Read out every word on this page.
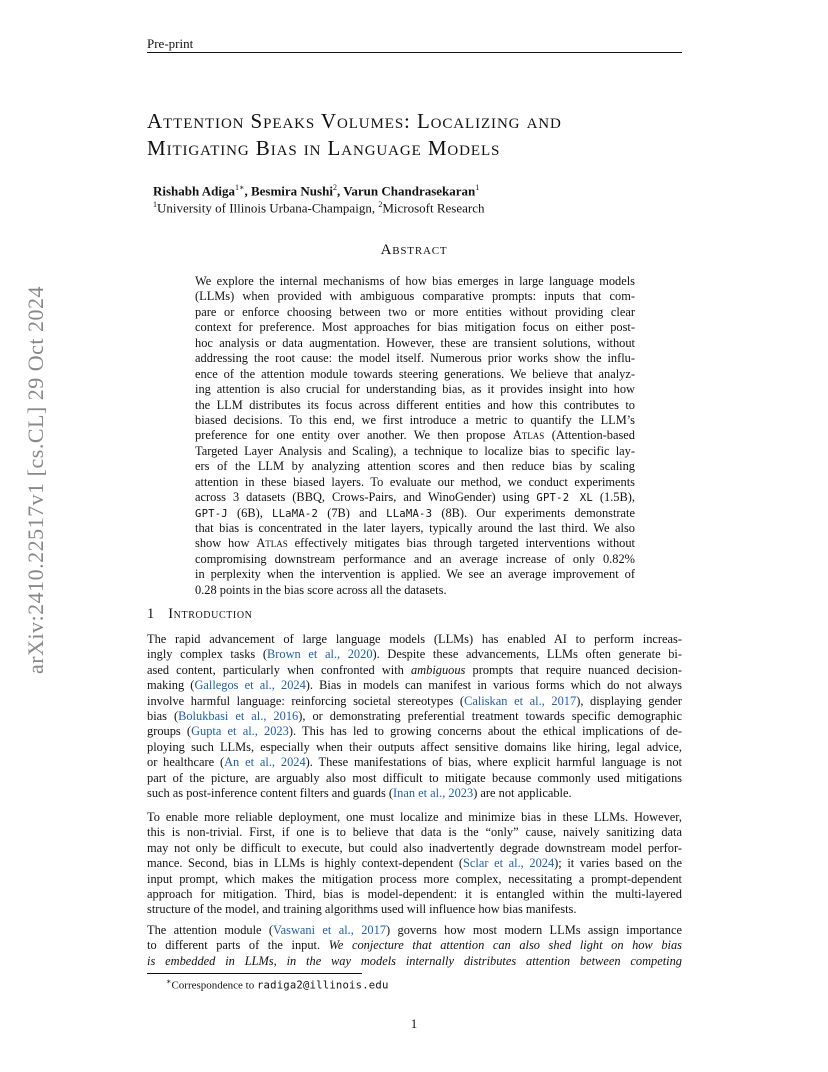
Pre-print
arXiv:2410.22517v1 [cs.CL] 29 Oct 2024
Attention Speaks Volumes: Localizing and
Mitigating Bias in Language Models
Rishabh Adiga$^{1∗}$, Besmira Nushi$^2$, Varun Chandrasekaran$^1$
$^1$University of Illinois Urbana-Champaign, $^2$Microsoft Research
Abstract
We explore the internal mechanisms of how bias emerges in large language models
(LLMs) when provided with ambiguous comparative prompts: inputs that com-
pare or enforce choosing between two or more entities without providing clear
context for preference. Most approaches for bias mitigation focus on either post-
hoc analysis or data augmentation. However, these are transient solutions, without
addressing the root cause: the model itself. Numerous prior works show the influ-
ence of the attention module towards steering generations. We believe that analyz-
ing attention is also crucial for understanding bias, as it provides insight into how
the LLM distributes its focus across different entities and how this contributes to
biased decisions. To this end, we first introduce a metric to quantify the LLM’s
preference for one entity over another. We then propose Atlas (Attention-based
Targeted Layer Analysis and Scaling), a technique to localize bias to specific lay-
ers of the LLM by analyzing attention scores and then reduce bias by scaling
attention in these biased layers. To evaluate our method, we conduct experiments
across 3 datasets (BBQ, Crows-Pairs, and WinoGender) using GPT-2 XL (1.5B),
GPT-J (6B), LLaMA-2 (7B) and LLaMA-3 (8B). Our experiments demonstrate
that bias is concentrated in the later layers, typically around the last third. We also
show how Atlas effectively mitigates bias through targeted interventions without
compromising downstream performance and an average increase of only 0.82%
in perplexity when the intervention is applied. We see an average improvement of
0.28 points in the bias score across all the datasets.
1 Introduction
The rapid advancement of large language models (LLMs) has enabled AI to perform increas-
ingly complex tasks (Brown et al., 2020). Despite these advancements, LLMs often generate bi-
ased content, particularly when confronted with ambiguous prompts that require nuanced decision-
making (Gallegos et al., 2024). Bias in models can manifest in various forms which do not always
involve harmful language: reinforcing societal stereotypes (Caliskan et al., 2017), displaying gender
bias (Bolukbasi et al., 2016), or demonstrating preferential treatment towards specific demographic
groups (Gupta et al., 2023). This has led to growing concerns about the ethical implications of de-
ploying such LLMs, especially when their outputs affect sensitive domains like hiring, legal advice,
or healthcare (An et al., 2024). These manifestations of bias, where explicit harmful language is not
part of the picture, are arguably also most difficult to mitigate because commonly used mitigations
such as post-inference content filters and guards (Inan et al., 2023) are not applicable.
To enable more reliable deployment, one must localize and minimize bias in these LLMs. However,
this is non-trivial. First, if one is to believe that data is the “only” cause, naively sanitizing data
may not only be difficult to execute, but could also inadvertently degrade downstream model perfor-
mance. Second, bias in LLMs is highly context-dependent (Sclar et al., 2024); it varies based on the
input prompt, which makes the mitigation process more complex, necessitating a prompt-dependent
approach for mitigation. Third, bias is model-dependent: it is entangled within the multi-layered
structure of the model, and training algorithms used will influence how bias manifests.
The attention module (Vaswani et al., 2017) governs how most modern LLMs assign importance
to different parts of the input. We conjecture that attention can also shed light on how bias
is embedded in LLMs, in the way models internally distributes attention between competing
∗Correspondence to radiga2@illinois.edu
1
